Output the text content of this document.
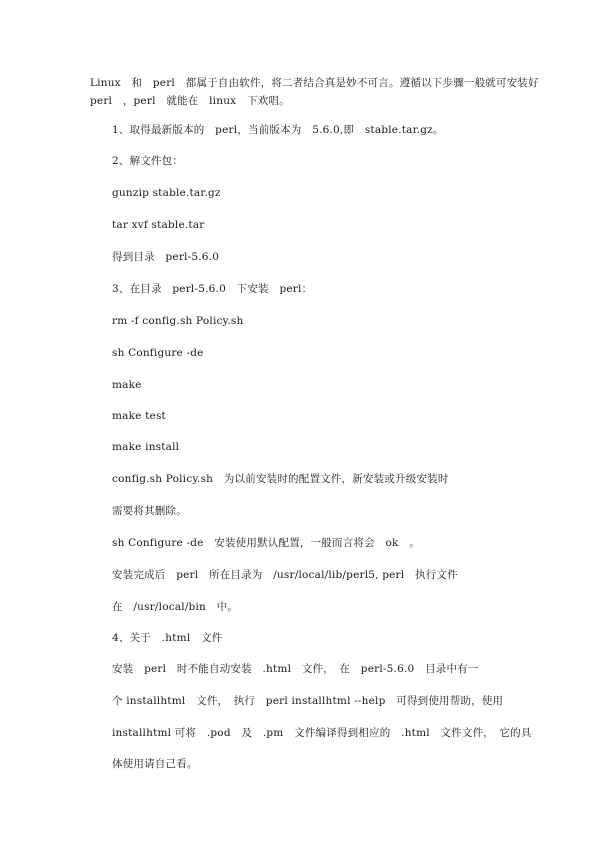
Linux　和　perl　都属于自由软件，将二者结合真是妙不可言。遵循以下步骤一般就可安装好
perl　，perl　就能在　linux　下欢唱。
1、取得最新版本的　perl，当前版本为　5.6.0,即　stable.tar.gz。
2、解文件包：
gunzip stable.tar.gz
tar xvf stable.tar
得到目录　perl-5.6.0
3、在目录　perl-5.6.0　下安装　perl：
rm -f config.sh Policy.sh
sh Configure -de
make
make test
make install
config.sh Policy.sh　为以前安装时的配置文件，新安装或升级安装时
需要将其删除。
sh Configure -de　安装使用默认配置，一般而言将会　ok　。
安装完成后　perl　所在目录为　/usr/local/lib/perl5, perl　执行文件
在　/usr/local/bin　中。
4、关于　.html　文件
安装　perl　时不能自动安装　.html　文件，　在　perl-5.6.0　目录中有一
个 installhtml　文件，　执行　perl installhtml --help　可得到使用帮助，使用
installhtml 可将　.pod　及　.pm　文件编译得到相应的　.html　文件文件，　它的具
体使用请自己看。
